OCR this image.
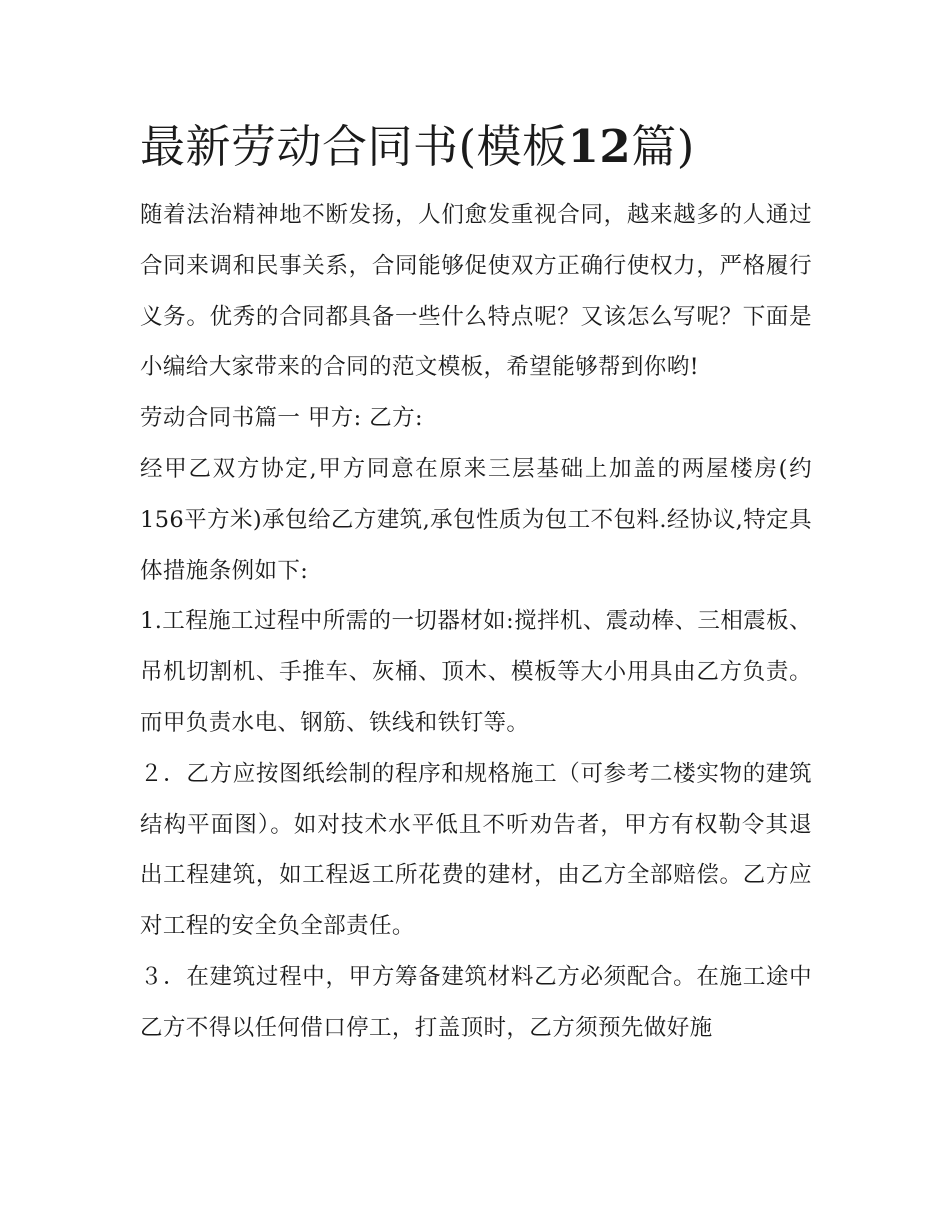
最新劳动合同书(模板12篇)

随着法治精神地不断发扬，人们愈发重视合同，越来越多的人通过合同来调和民事关系，合同能够促使双方正确行使权力，严格履行义务。优秀的合同都具备一些什么特点呢？又该怎么写呢？下面是小编给大家带来的合同的范文模板，希望能够帮到你哟!

劳动合同书篇一 甲方: 乙方:

经甲乙双方协定,甲方同意在原来三层基础上加盖的两屋楼房(约156平方米)承包给乙方建筑,承包性质为包工不包料.经协议,特定具体措施条例如下:

1.工程施工过程中所需的一切器材如:搅拌机、震动棒、三相震板、吊机切割机、手推车、灰桶、顶木、模板等大小用具由乙方负责。而甲负责水电、钢筋、铁线和铁钉等。

２．乙方应按图纸绘制的程序和规格施工（可参考二楼实物的建筑结构平面图）。如对技术水平低且不听劝告者，甲方有权勒令其退出工程建筑，如工程返工所花费的建材，由乙方全部赔偿。乙方应对工程的安全负全部责任。

３．在建筑过程中，甲方筹备建筑材料乙方必须配合。在施工途中乙方不得以任何借口停工，打盖顶时，乙方须预先做好施
